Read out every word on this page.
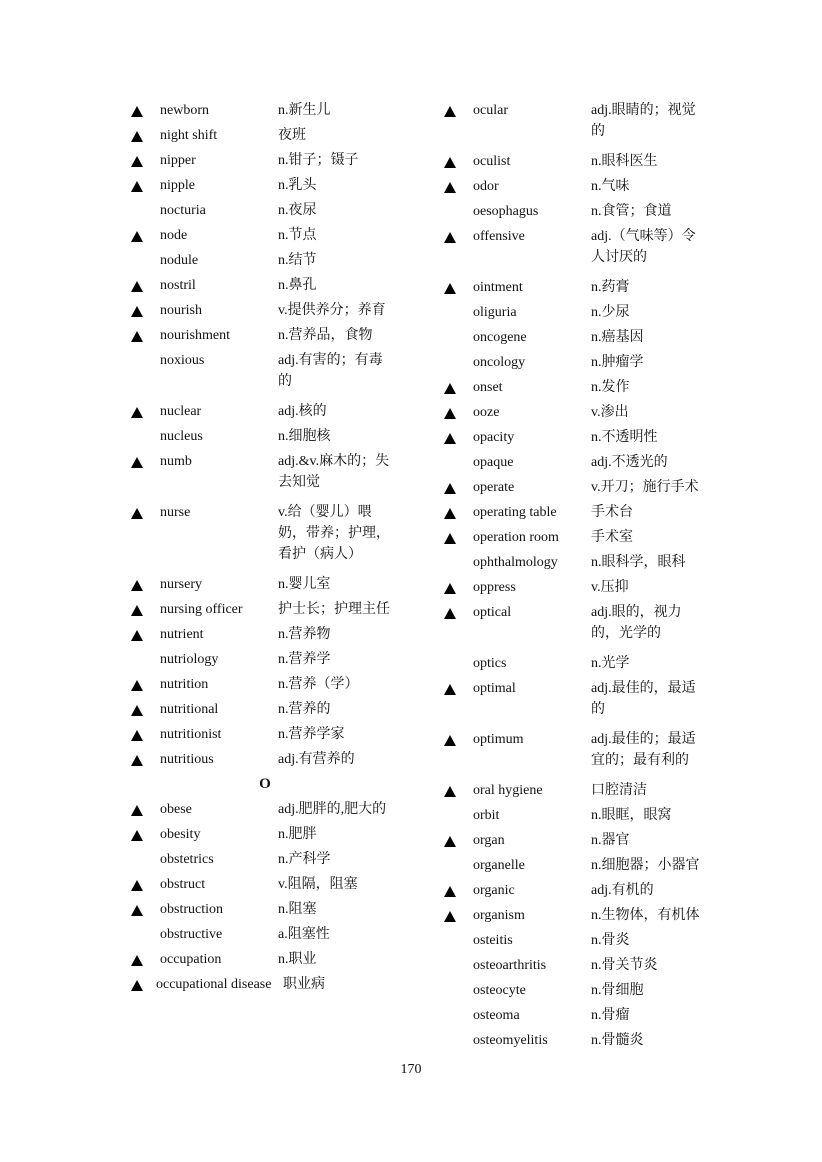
newborn	n.新生儿
night shift	夜班
nipper	n.钳子；镊子
nipple	n.乳头
nocturia	n.夜尿
node	n.节点
nodule	n.结节
nostril	n.鼻孔
nourish	v.提供养分；养育
nourishment	n.营养品，食物
noxious	adj.有害的；有毒的
nuclear	adj.核的
nucleus	n.细胞核
numb	adj.&v.麻木的；失去知觉
nurse	v.给（婴儿）喂奶，带养；护理，看护（病人）
nursery	n.婴儿室
nursing officer	护士长；护理主任
nutrient	n.营养物
nutriology	n.营养学
nutrition	n.营养（学）
nutritional	n.营养的
nutritionist	n.营养学家
nutritious	adj.有营养的
O
obese	adj.肥胖的,肥大的
obesity	n.肥胖
obstetrics	n.产科学
obstruct	v.阻隔，阻塞
obstruction	n.阻塞
obstructive	a.阻塞性
occupation	n.职业
occupational disease 职业病
ocular	adj.眼睛的；视觉的
oculist	n.眼科医生
odor	n.气味
oesophagus	n.食管；食道
offensive	adj.（气味等）令人讨厌的
ointment	n.药膏
oliguria	n.少尿
oncogene	n.癌基因
oncology	n.肿瘤学
onset	n.发作
ooze	v.渗出
opacity	n.不透明性
opaque	adj.不透光的
operate	v.开刀；施行手术
operating table 手术台
operation room 手术室
ophthalmology n.眼科学，眼科
oppress	v.压抑
optical	adj.眼的，视力的，光学的
optics	n.光学
optimal	adj.最佳的，最适的
optimum	adj.最佳的；最适宜的；最有利的
oral hygiene	口腔清洁
orbit	n.眼眶，眼窝
organ	n.器官
organelle	n.细胞器；小器官
organic	adj.有机的
organism	n.生物体，有机体
osteitis	n.骨炎
osteoarthritis	n.骨关节炎
osteocyte	n.骨细胞
osteoma	n.骨瘤
osteomyelitis	n.骨髓炎
170
